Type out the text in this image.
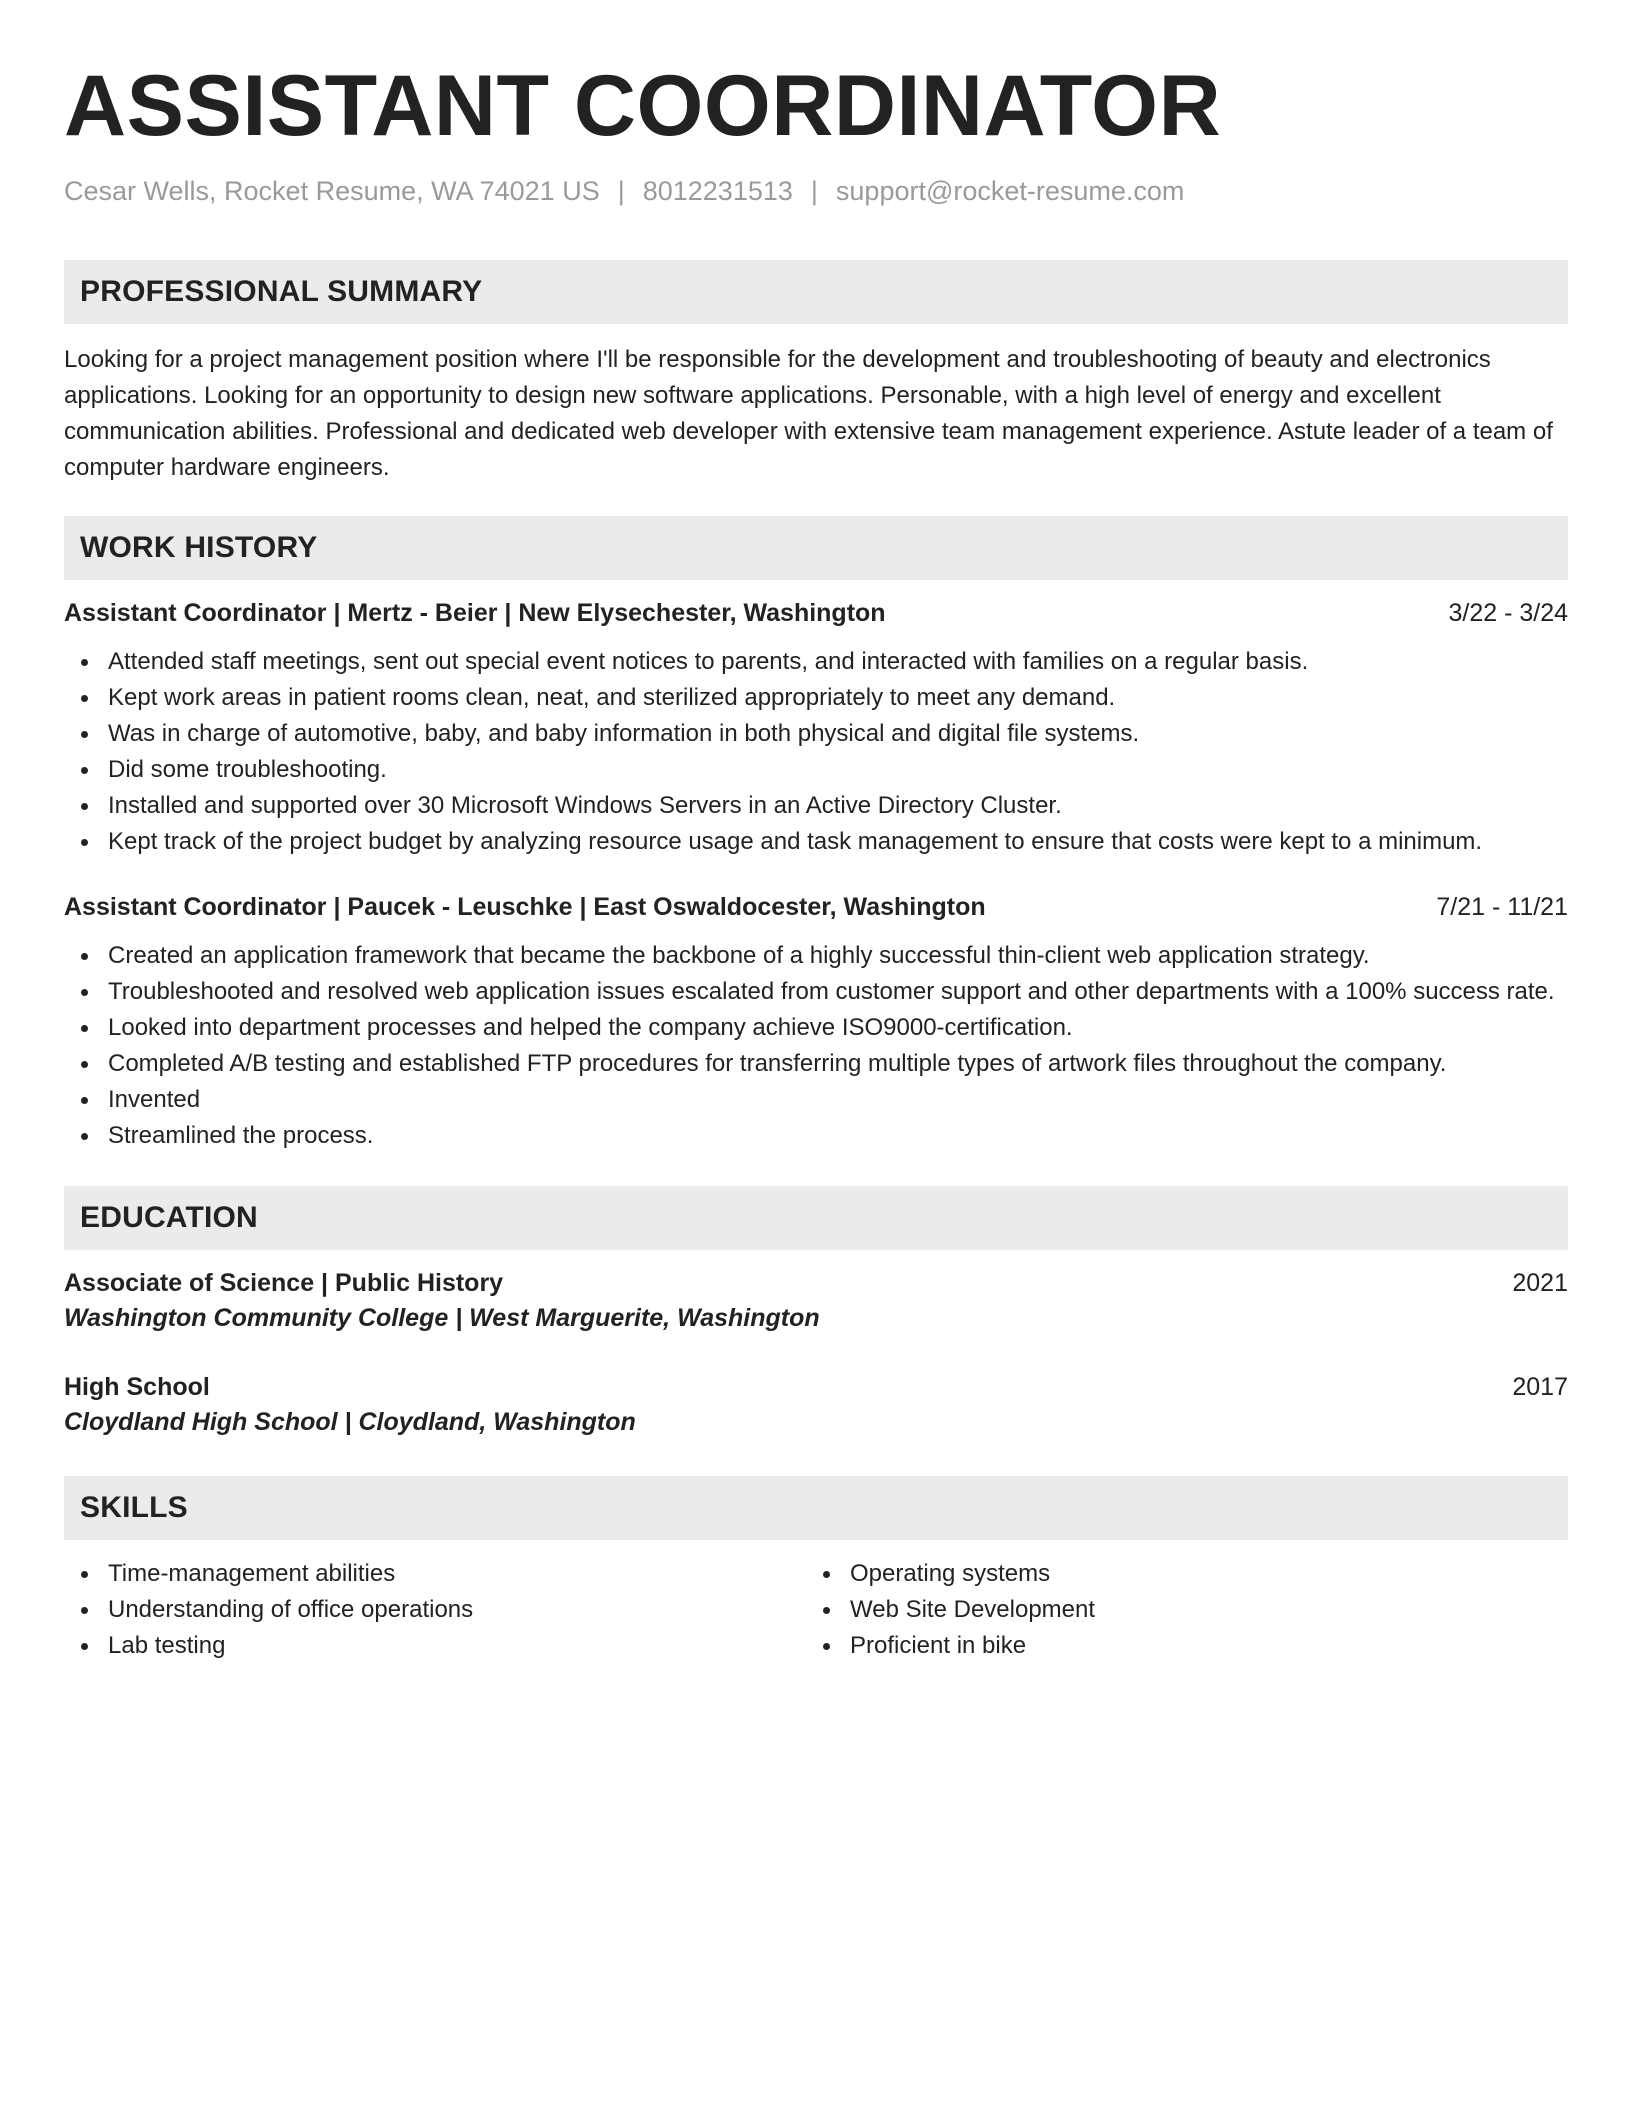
ASSISTANT COORDINATOR
Cesar Wells, Rocket Resume, WA 74021 US | 8012231513 | support@rocket-resume.com
PROFESSIONAL SUMMARY

Looking for a project management position where I'll be responsible for the development and troubleshooting of beauty and electronics applications. Looking for an opportunity to design new software applications. Personable, with a high level of energy and excellent communication abilities. Professional and dedicated web developer with extensive team management experience. Astute leader of a team of computer hardware engineers.

WORK HISTORY
Assistant Coordinator | Mertz - Beier | New Elysechester, Washington	3/22 - 3/24
Attended staff meetings, sent out special event notices to parents, and interacted with families on a regular basis.
Kept work areas in patient rooms clean, neat, and sterilized appropriately to meet any demand.
Was in charge of automotive, baby, and baby information in both physical and digital file systems.
Did some troubleshooting.
Installed and supported over 30 Microsoft Windows Servers in an Active Directory Cluster.
Kept track of the project budget by analyzing resource usage and task management to ensure that costs were kept to a minimum.
Assistant Coordinator | Paucek - Leuschke | East Oswaldocester, Washington	7/21 - 11/21
Created an application framework that became the backbone of a highly successful thin-client web application strategy.
Troubleshooted and resolved web application issues escalated from customer support and other departments with a 100% success rate.
Looked into department processes and helped the company achieve ISO9000-certification.
Completed A/B testing and established FTP procedures for transferring multiple types of artwork files throughout the company.
Invented
Streamlined the process.
EDUCATION
Associate of Science | Public History	2021
Washington Community College | West Marguerite, Washington
High School	2017
Cloydland High School | Cloydland, Washington
SKILLS
Time-management abilities
Understanding of office operations
Lab testing
Operating systems
Web Site Development
Proficient in bike
